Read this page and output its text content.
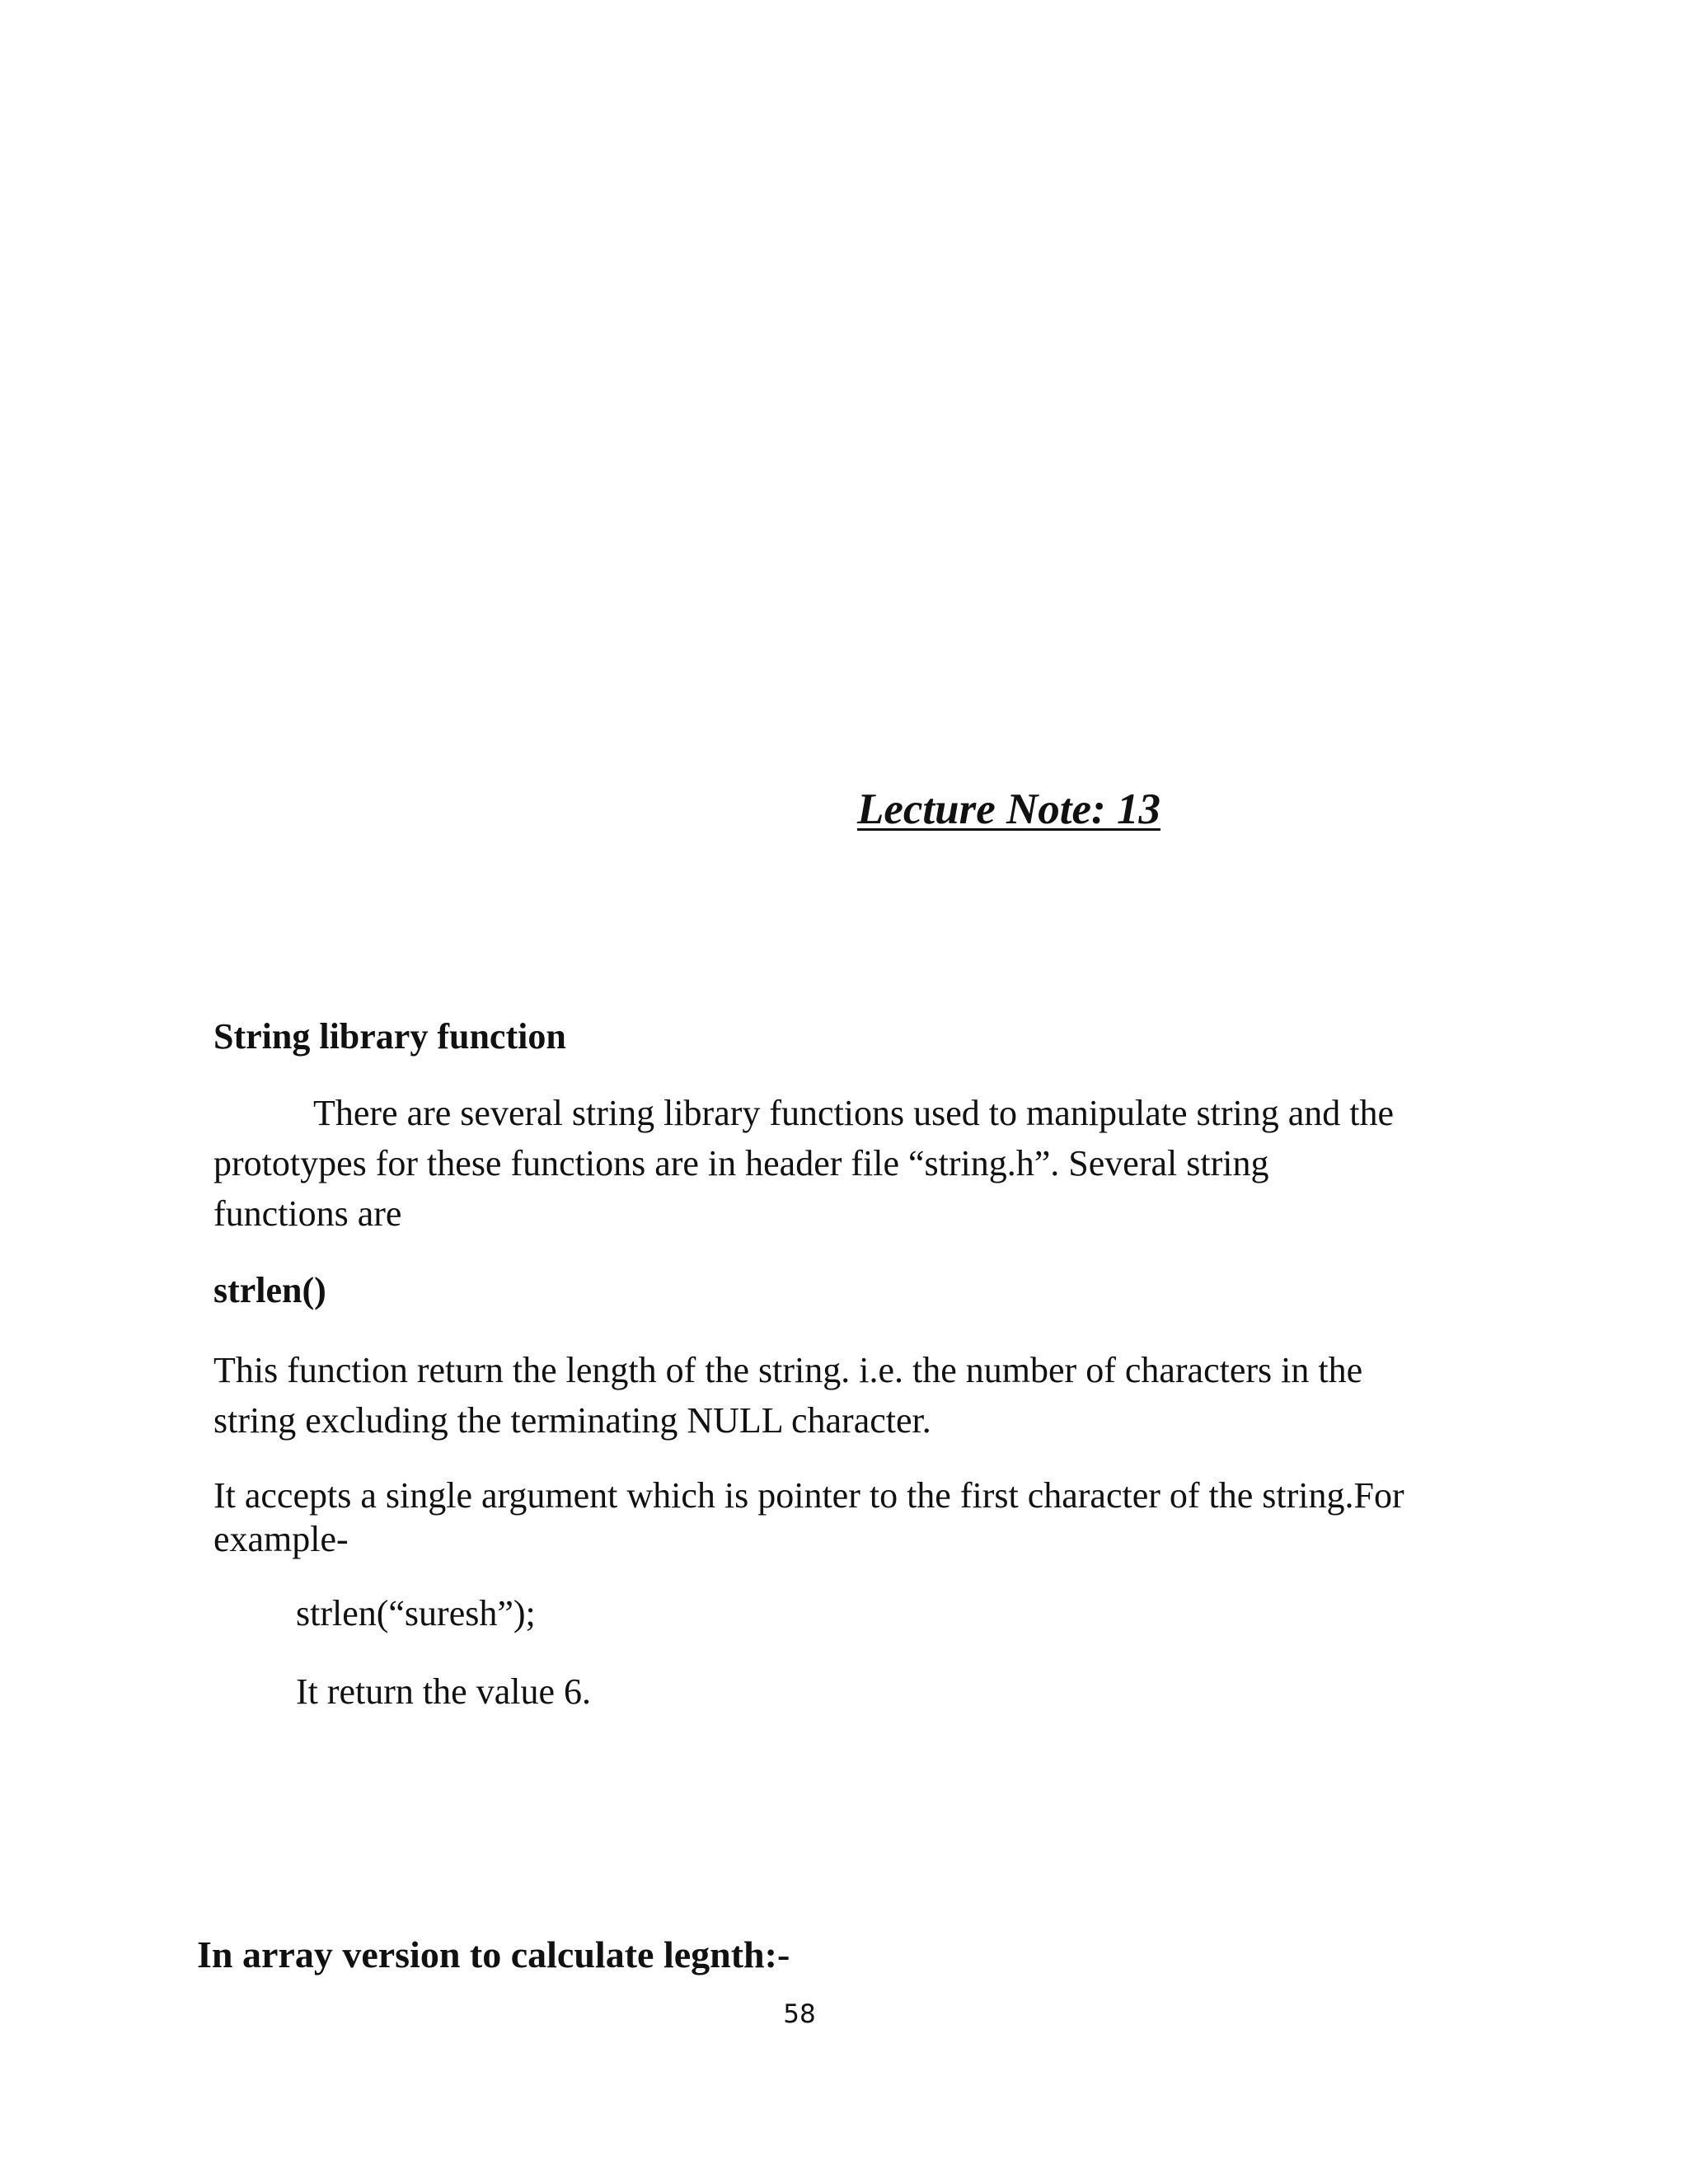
Lecture Note: 13
String library function

There are several string library functions used to manipulate string and the
prototypes for these functions are in header file “string.h”. Several string
functions are

strlen()

This function return the length of the string. i.e. the number of characters in the
string excluding the terminating NULL character.

It accepts a single argument which is pointer to the first character of the string.For
example-

strlen(“suresh”);

It return the value 6.

In array version to calculate legnth:-

58
